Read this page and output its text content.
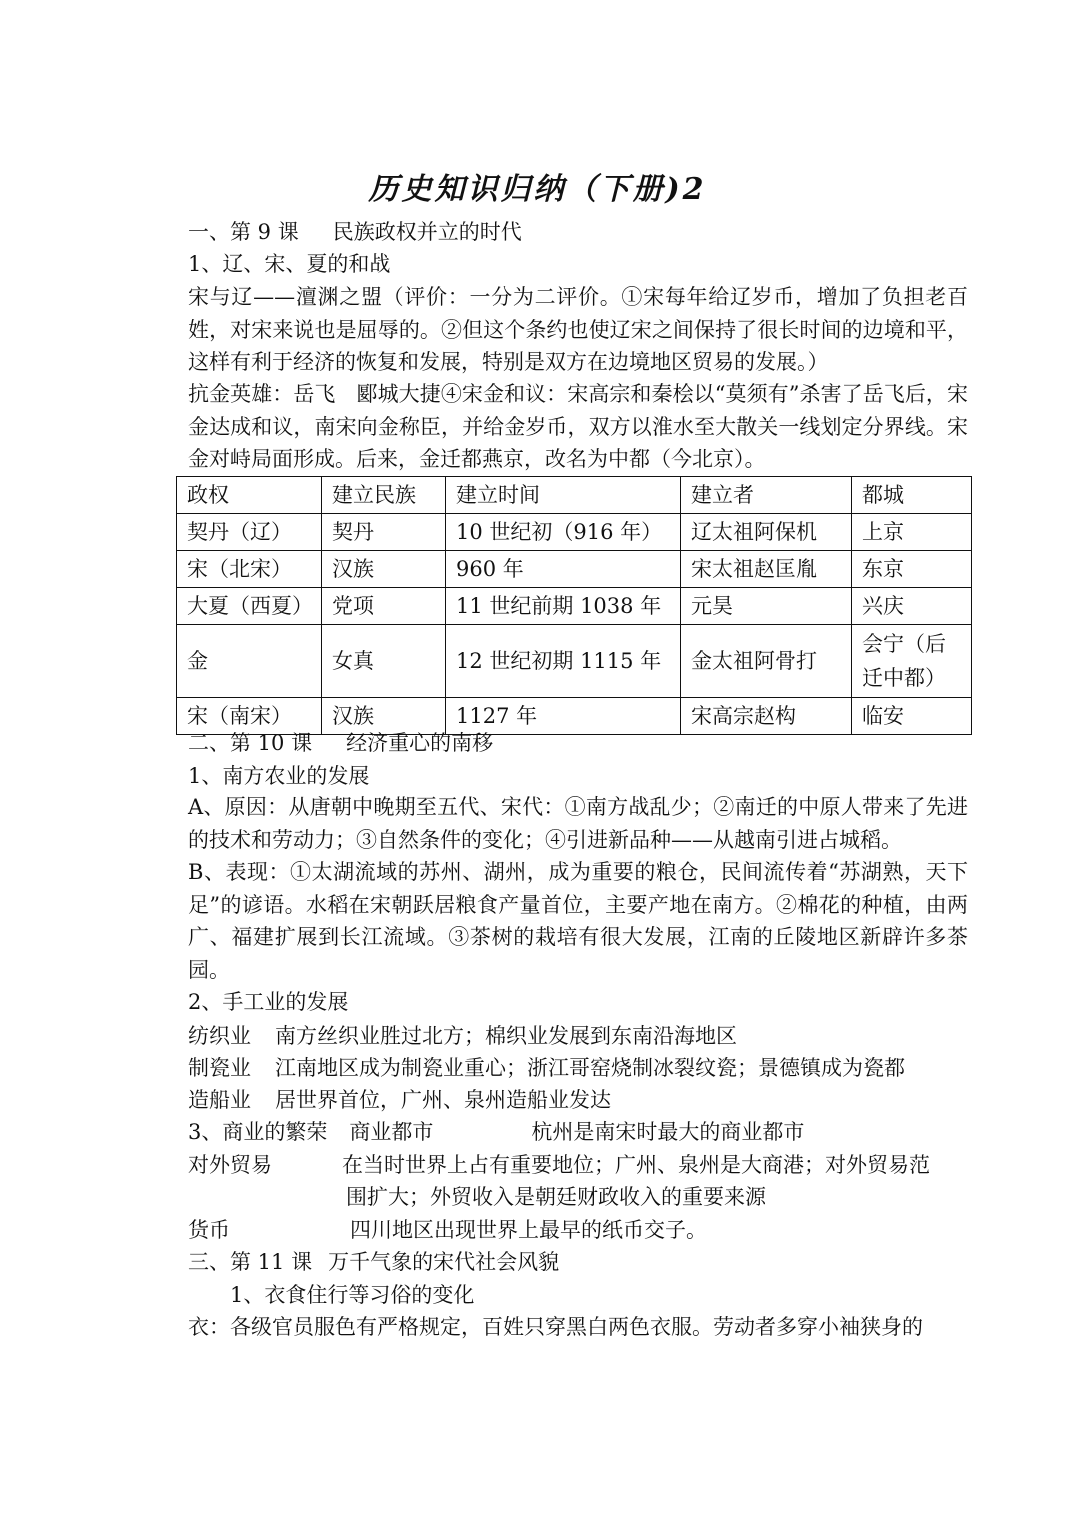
历史知识归纳（下册)2
一、第 9 课 民族政权并立的时代
1、辽、宋、夏的和战
宋与辽——澶渊之盟（评价：一分为二评价。①宋每年给辽岁币，增加了负担老百姓，对宋来说也是屈辱的。②但这个条约也使辽宋之间保持了很长时间的边境和平，这样有利于经济的恢复和发展，特别是双方在边境地区贸易的发展。）
抗金英雄：岳飞　郾城大捷④宋金和议：宋高宗和秦桧以“莫须有”杀害了岳飞后，宋金达成和议，南宋向金称臣，并给金岁币，双方以淮水至大散关一线划定分界线。宋金对峙局面形成。后来，金迁都燕京，改名为中都（今北京）。
政权	建立民族	建立时间	建立者	都城
契丹（辽）	契丹	10 世纪初（916 年）	辽太祖阿保机	上京
宋（北宋）	汉族	960 年	宋太祖赵匡胤	东京
大夏（西夏）	党项	11 世纪前期 1038 年	元昊	兴庆
金	女真	12 世纪初期 1115 年	金太祖阿骨打	会宁（后迁中都）
宋（南宋）	汉族	1127 年	宋高宗赵构	临安
二、第 10 课 经济重心的南移
1、南方农业的发展
A、原因：从唐朝中晚期至五代、宋代：①南方战乱少；②南迁的中原人带来了先进的技术和劳动力；③自然条件的变化；④引进新品种——从越南引进占城稻。
B、表现：①太湖流域的苏州、湖州，成为重要的粮仓，民间流传着“苏湖熟，天下足”的谚语。水稻在宋朝跃居粮食产量首位，主要产地在南方。②棉花的种植，由两广、福建扩展到长江流域。③茶树的栽培有很大发展，江南的丘陵地区新辟许多茶园。
2、手工业的发展
纺织业 南方丝织业胜过北方；棉织业发展到东南沿海地区
制瓷业 江南地区成为制瓷业重心；浙江哥窑烧制冰裂纹瓷；景德镇成为瓷都
造船业 居世界首位，广州、泉州造船业发达
3、商业的繁荣 商业都市	杭州是南宋时最大的商业都市
对外贸易	在当时世界上占有重要地位；广州、泉州是大商港；对外贸易范
围扩大；外贸收入是朝廷财政收入的重要来源
货币	四川地区出现世界上最早的纸币交子。
三、第 11 课 万千气象的宋代社会风貌
1、衣食住行等习俗的变化
衣：各级官员服色有严格规定，百姓只穿黑白两色衣服。劳动者多穿小袖狭身的
